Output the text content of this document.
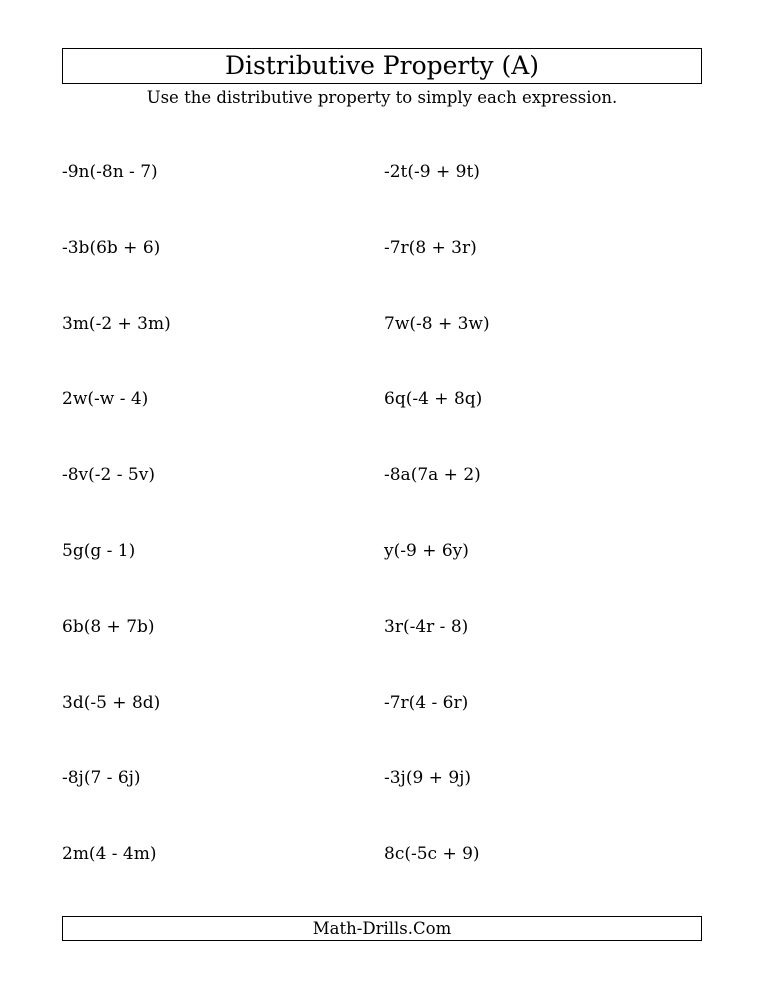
Distributive Property (A)
Use the distributive property to simply each expression.
-9n(-8n - 7)	-2t(-9 + 9t)
-3b(6b + 6)	-7r(8 + 3r)
3m(-2 + 3m)	7w(-8 + 3w)
2w(-w - 4)	6q(-4 + 8q)
-8v(-2 - 5v)	-8a(7a + 2)
5g(g - 1)	y(-9 + 6y)
6b(8 + 7b)	3r(-4r - 8)
3d(-5 + 8d)	-7r(4 - 6r)
-8j(7 - 6j)	-3j(9 + 9j)
2m(4 - 4m)	8c(-5c + 9)
Math-Drills.Com
